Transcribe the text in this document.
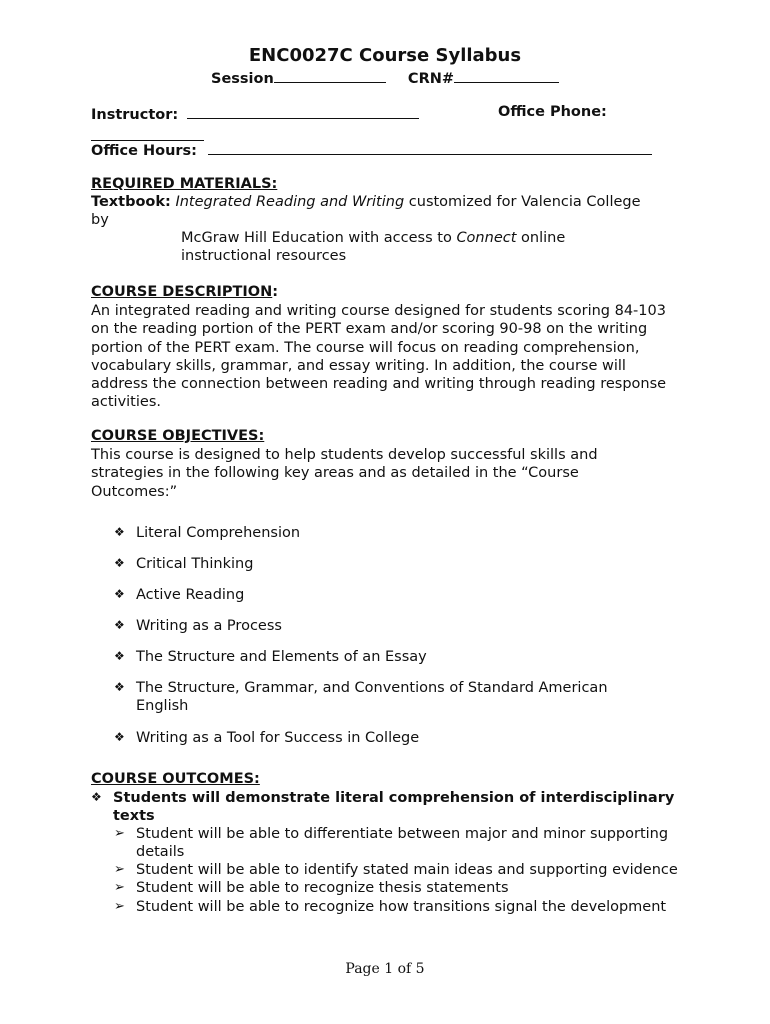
ENC0027C Course Syllabus
Session	CRN#
Instructor:	Office Phone:
Office Hours:
REQUIRED MATERIALS:
Textbook: Integrated Reading and Writing customized for Valencia College
by
McGraw Hill Education with access to Connect online
instructional resources
COURSE DESCRIPTION:
An integrated reading and writing course designed for students scoring 84-103 on the reading portion of the PERT exam and/or scoring 90-98 on the writing portion of the PERT exam. The course will focus on reading comprehension, vocabulary skills, grammar, and essay writing. In addition, the course will address the connection between reading and writing through reading response activities.
COURSE OBJECTIVES:
This course is designed to help students develop successful skills and strategies in the following key areas and as detailed in the “Course Outcomes:”
❖ Literal Comprehension
❖ Critical Thinking
❖ Active Reading
❖ Writing as a Process
❖ The Structure and Elements of an Essay
❖ The Structure, Grammar, and Conventions of Standard American English
❖ Writing as a Tool for Success in College
COURSE OUTCOMES:
❖ Students will demonstrate literal comprehension of interdisciplinary texts
➢ Student will be able to differentiate between major and minor supporting details
➢ Student will be able to identify stated main ideas and supporting evidence
➢ Student will be able to recognize thesis statements
➢ Student will be able to recognize how transitions signal the development
Page 1 of 5
